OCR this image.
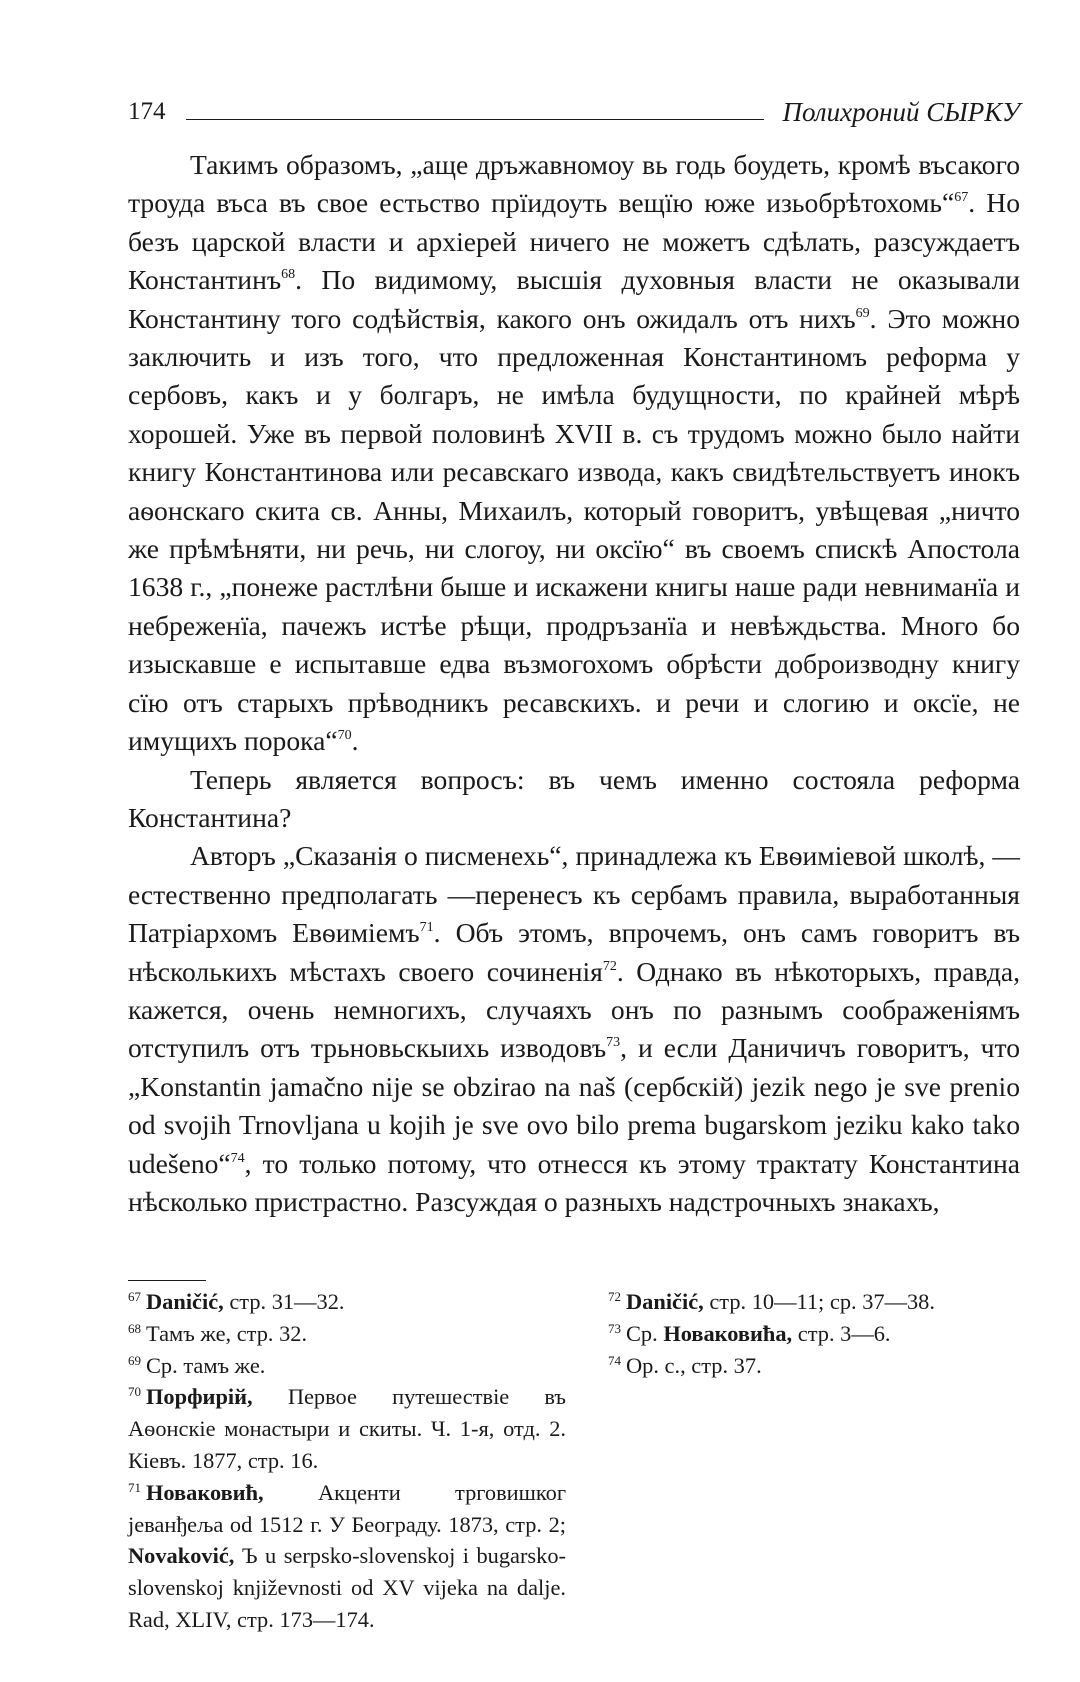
174	Полихроний СЫРКУ

Такимъ образомъ, „аще дръжавномоу вь годь боудеть, кромѣ въсакого троуда въса въ свое естьство прїидоуть вещїю юже изьобрѣтохомь“$^{67}$. Но безъ царской власти и архiерей ничего не можетъ сдѣлать, разсуждаетъ Константинъ$^{68}$. По видимому, высшiя духовныя власти не оказывали Константину того содѣйствiя, какого онъ ожидалъ отъ нихъ$^{69}$. Это можно заключить и изъ того, что предложенная Константиномъ реформа у сербовъ, какъ и у болгаръ, не имѣла будущности, по крайней мѣрѣ хорошей. Уже въ первой половинѣ XVII в. съ трудомъ можно было найти книгу Константинова или ресавскаго извода, какъ свидѣтельствуетъ инокъ аѳонскаго скита св. Анны, Михаилъ, который говоритъ, увѣщевая „ничто же прѣмѣняти, ни речь, ни слогоу, ни оксїю“ въ своемъ спискѣ Апостола 1638 г., „понеже растлѣни быше и искажени книгы наше ради невниманїа и небреженїа, пачежъ истѣе рѣщи, продръзанїа и невѣждьства. Много бо изыскавше е испытавше едва възмогохомъ обрѣсти доброизводну книгу сїю отъ старыхъ прѣводникъ ресавскихъ. и речи и слогию и оксїе, не имущихъ порока“$^{70}$.

Теперь является вопросъ: въ чемъ именно состояла реформа Константина?

Авторъ „Сказанiя о писменехь“, принадлежа къ Евѳимiевой школѣ, — естественно предполагать —перенесъ къ сербамъ правила, выработанныя Патрiархомъ Евѳимiемъ$^{71}$. Объ этомъ, впрочемъ, онъ самъ говоритъ въ нѣсколькихъ мѣстахъ своего сочиненiя$^{72}$. Однако въ нѣкоторыхъ, правда, кажется, очень немногихъ, случаяхъ онъ по разнымъ соображенiямъ отступилъ отъ трьновьскыихь изводовъ$^{73}$, и если Даничичъ говоритъ, что „Konstantin jamačno nije se obzirao na naš (сербскiй) jezik nego je sve prenio od svojih Trnovljana u kojih je sve ovo bilo prema bugarskom jeziku kako tako udešeno“$^{74}$, то только потому, что отнесся къ этому трактату Константина нѣсколько пристрастно. Разсуждая о разныхъ надстрочныхъ знакахъ,

$^{67}$ Daničić, стр. 31—32.

$^{68}$ Тамъ же, стр. 32.

$^{69}$ Ср. тамъ же.

$^{70}$ Порфирiй, Первое путешествiе въ Аѳонскiе монастыри и скиты. Ч. 1-я, отд. 2. Кiевъ. 1877, стр. 16.

$^{71}$ Новаковић, Акценти трговишког јеванђеља od 1512 г. У Београду. 1873, стр. 2; Novaković, Ъ u serpsko-slovenskoj i bugarsko-slovenskoj književnosti od XV vijeka na dalje. Rad, XLIV, стр. 173—174.

$^{72}$ Daničić, стр. 10—11; ср. 37—38.

$^{73}$ Ср. Новаковића, стр. 3—6.

$^{74}$ Ор. с., стр. 37.
